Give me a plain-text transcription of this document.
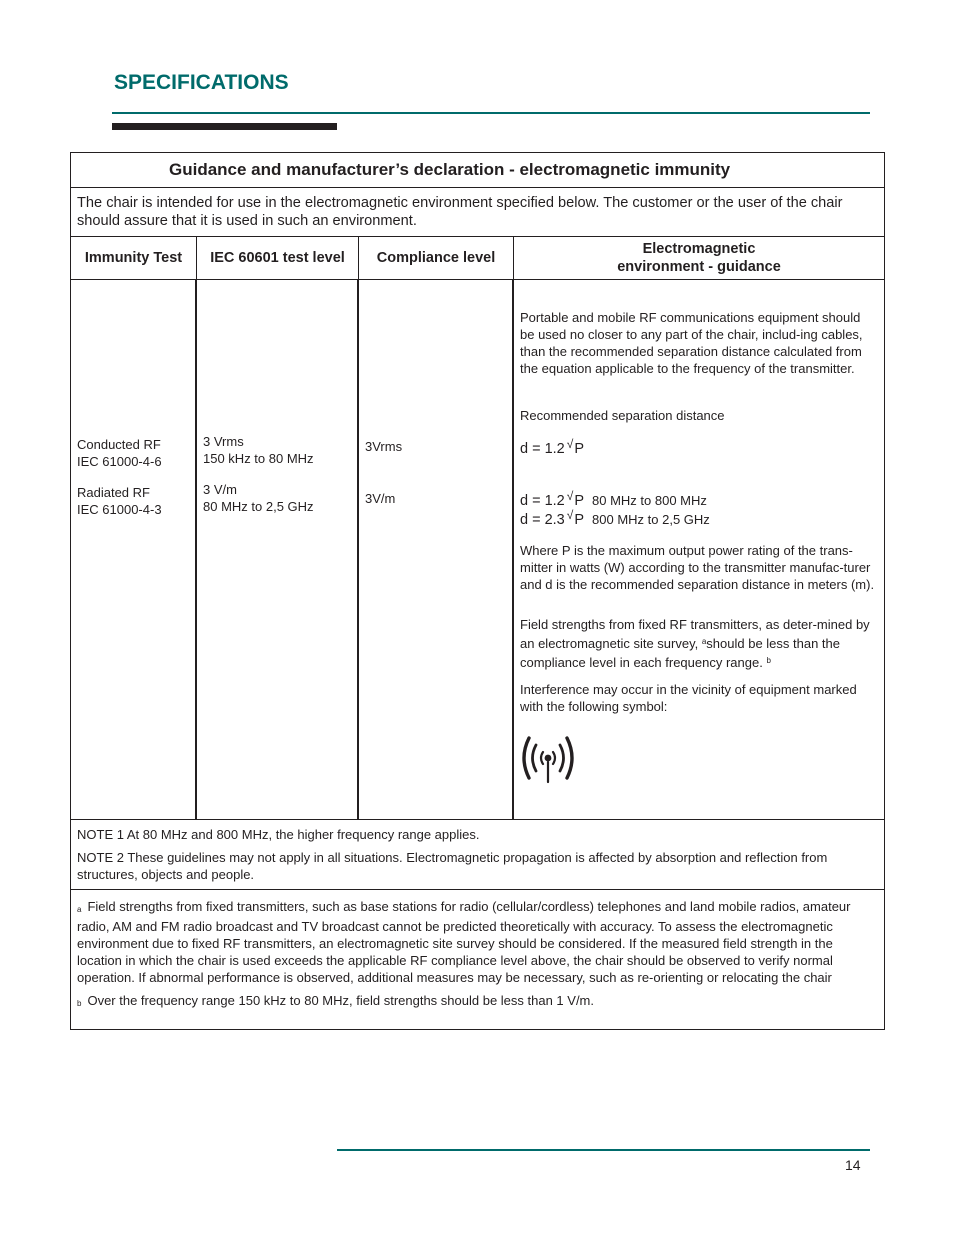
SPECIFICATIONS
Guidance and manufacturer’s declaration - electromagnetic immunity
The chair is intended for use in the electromagnetic environment specified below. The customer or the user of the chair should assure that it is used in such an environment.
Immunity Test IEC 60601 test level Compliance level
Electromagnetic
environment - guidance
Conducted RF
IEC 61000-4-6
Radiated RF
IEC 61000-4-3
3 Vrms
150 kHz to 80 MHz
3 V/m
80 MHz to 2,5 GHz
3Vrms
3V/m
Portable and mobile RF communications equipment should be used no closer to any part of the chair, includ-ing cables, than the recommended separation distance calculated from the equation applicable to the frequency of the transmitter.
Recommended separation distance
d = 1.2 √P
d = 1.2 √P 80 MHz to 800 MHz
d = 2.3 √P 800 MHz to 2,5 GHz
Where P is the maximum output power rating of the trans-mitter in watts (W) according to the transmitter manufac-turer and d is the recommended separation distance in meters (m).
Field strengths from fixed RF transmitters, as deter-mined by an electromagnetic site survey, $^a$should be less than the compliance level in each frequency range. $^b$
Interference may occur in the vicinity of equipment marked with the following symbol:
NOTE 1 At 80 MHz and 800 MHz, the higher frequency range applies.
NOTE 2 These guidelines may not apply in all situations. Electromagnetic propagation is affected by absorption and reflection from structures, objects and people.
a Field strengths from fixed transmitters, such as base stations for radio (cellular/cordless) telephones and land mobile radios, amateur radio, AM and FM radio broadcast and TV broadcast cannot be predicted theoretically with accuracy. To assess the electromagnetic environment due to fixed RF transmitters, an electromagnetic site survey should be considered. If the measured field strength in the location in which the chair is used exceeds the applicable RF compliance level above, the chair should be observed to verify normal operation. If abnormal performance is observed, additional measures may be necessary, such as re-orienting or relocating the chair
b Over the frequency range 150 kHz to 80 MHz, field strengths should be less than 1 V/m.
14
